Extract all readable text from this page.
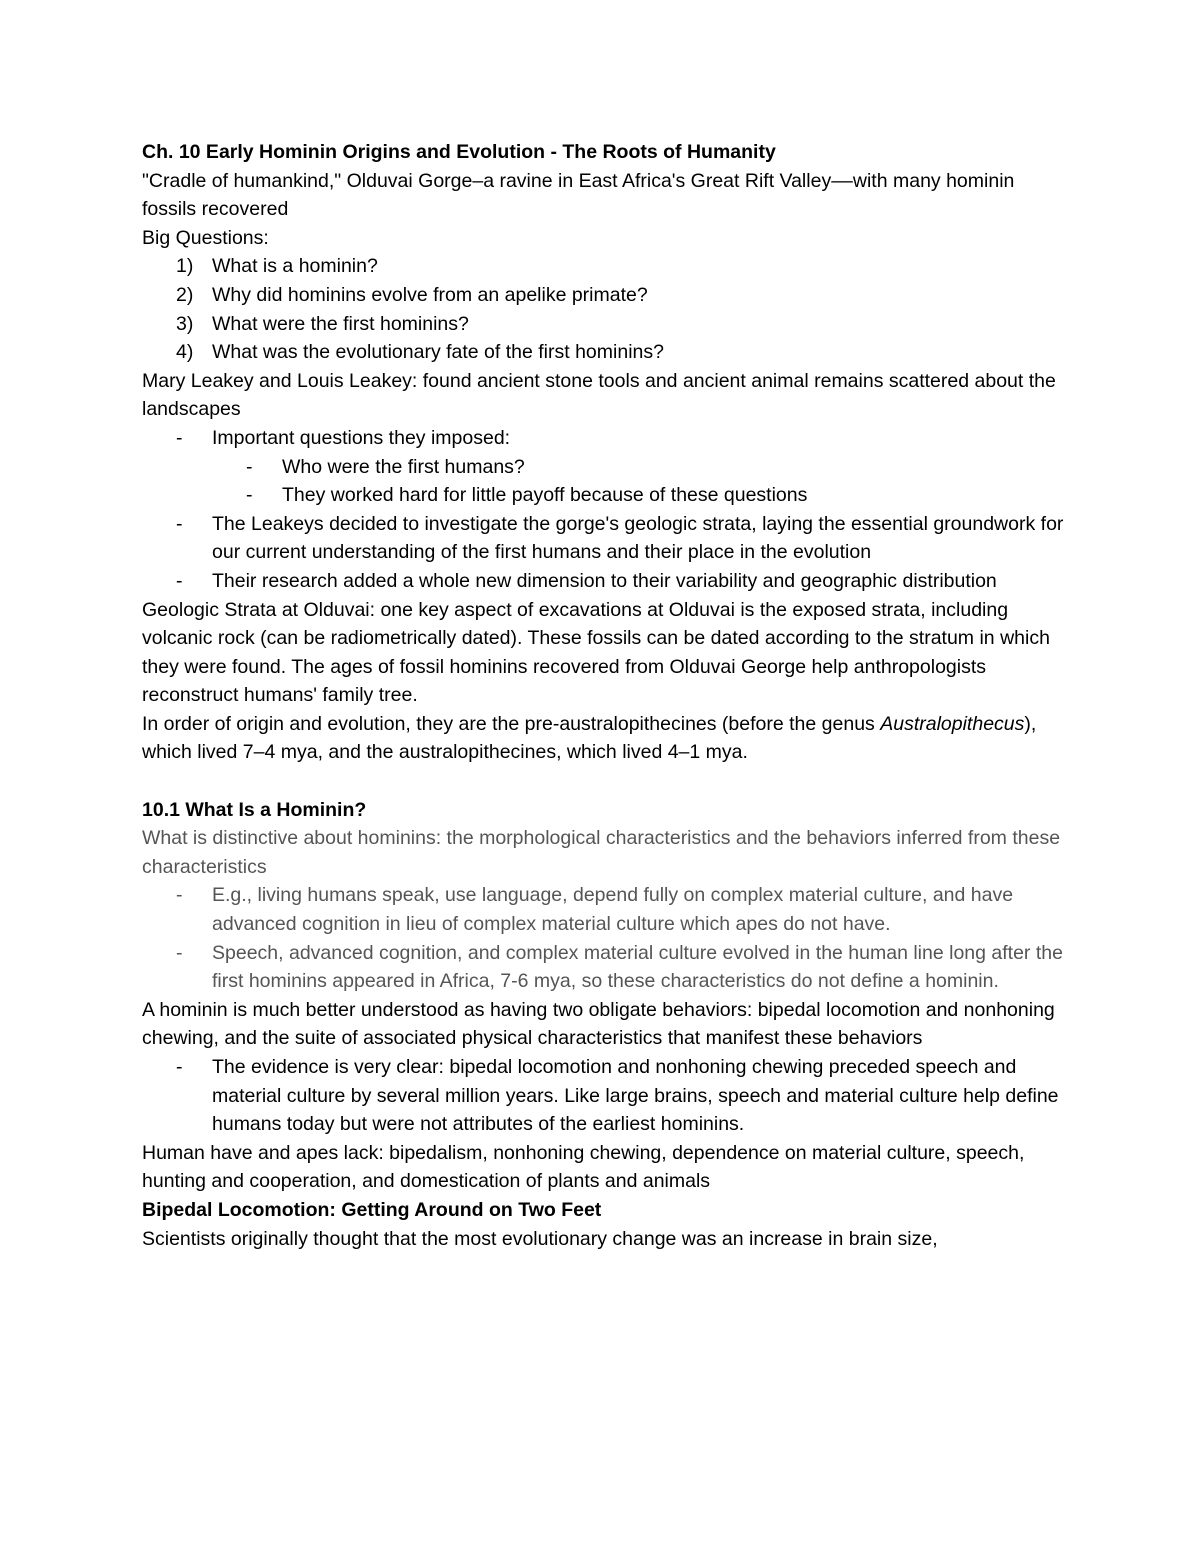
Ch. 10 Early Hominin Origins and Evolution - The Roots of Humanity

"Cradle of humankind," Olduvai Gorge–a ravine in East Africa's Great Rift Valley––with many hominin fossils recovered

Big Questions:

1) What is a hominin?
2) Why did hominins evolve from an apelike primate?
3) What were the first hominins?
4) What was the evolutionary fate of the first hominins?

Mary Leakey and Louis Leakey: found ancient stone tools and ancient animal remains scattered about the landscapes

-	Important questions they imposed:
-	Who were the first humans?
-	They worked hard for little payoff because of these questions
-	The Leakeys decided to investigate the gorge's geologic strata, laying the essential groundwork for our current understanding of the first humans and their place in the evolution
-	Their research added a whole new dimension to their variability and geographic distribution

Geologic Strata at Olduvai: one key aspect of excavations at Olduvai is the exposed strata, including volcanic rock (can be radiometrically dated). These fossils can be dated according to the stratum in which they were found. The ages of fossil hominins recovered from Olduvai George help anthropologists reconstruct humans' family tree.

In order of origin and evolution, they are the pre-australopithecines (before the genus Australopithecus), which lived 7–4 mya, and the australopithecines, which lived 4–1 mya.

10.1 What Is a Hominin?

What is distinctive about hominins: the morphological characteristics and the behaviors inferred from these characteristics

-	E.g., living humans speak, use language, depend fully on complex material culture, and have advanced cognition in lieu of complex material culture which apes do not have.
-	Speech, advanced cognition, and complex material culture evolved in the human line long after the first hominins appeared in Africa, 7-6 mya, so these characteristics do not define a hominin.

A hominin is much better understood as having two obligate behaviors: bipedal locomotion and nonhoning chewing, and the suite of associated physical characteristics that manifest these behaviors

-	The evidence is very clear: bipedal locomotion and nonhoning chewing preceded speech and material culture by several million years. Like large brains, speech and material culture help define humans today but were not attributes of the earliest hominins.

Human have and apes lack: bipedalism, nonhoning chewing, dependence on material culture, speech, hunting and cooperation, and domestication of plants and animals

Bipedal Locomotion: Getting Around on Two Feet

Scientists originally thought that the most evolutionary change was an increase in brain size,
